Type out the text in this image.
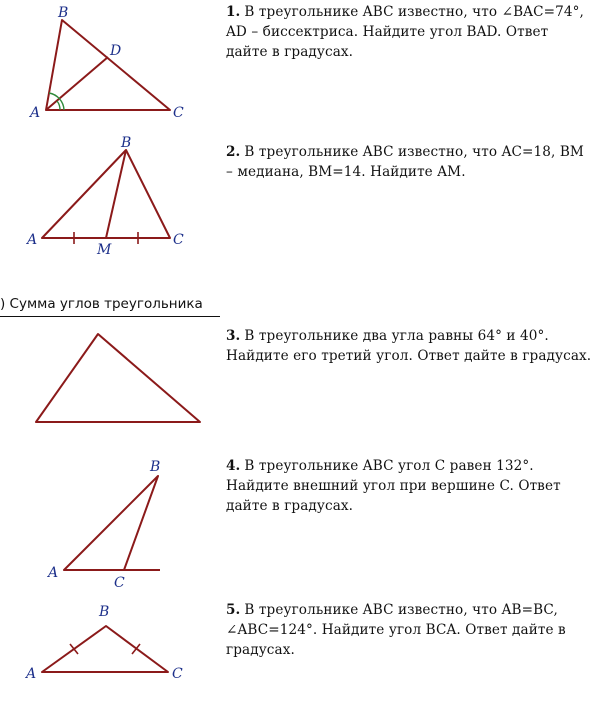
B
D
A	C
1. В треугольнике ABC известно, что ∠BAC=74°, AD – биссектриса. Найдите угол BAD. Ответ дайте в градусах.
B
A	C
M
2. В треугольнике ABC известно, что AC=18, BM – медиана, BM=14. Найдите AM.
) Сумма углов треугольника
3. В треугольнике два угла равны 64° и 40°. Найдите его третий угол. Ответ дайте в градусах.
B
A
C
4. В треугольнике ABC угол C равен 132°. Найдите внешний угол при вершине C. Ответ дайте в градусах.
B
A	C
5. В треугольнике ABC известно, что AB=BC, ∠ABC=124°. Найдите угол BCA. Ответ дайте в градусах.
